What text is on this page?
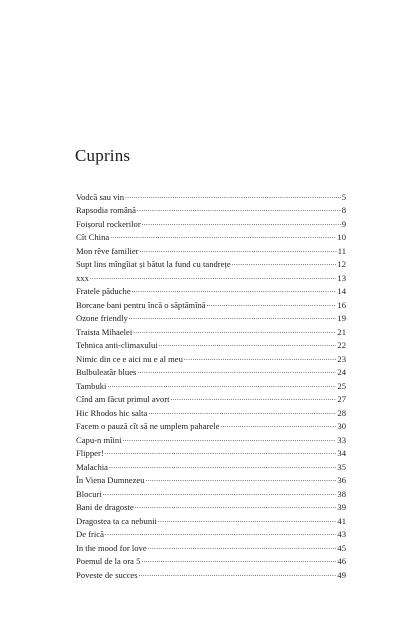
Cuprins
Vodcă sau vin .....	5
Rapsodia română .....	8
Foișorul rockerilor .....	9
Cît China .....	10
Mon rêve familier .....	11
Supt lins mîngîiat și bătut la fund cu tandrețe .....	12
xxx .....	13
Fratele păduche .....	14
Borcane bani pentru încă o săptămînă .....	16
Ozone friendly .....	19
Traista Mihaelei .....	21
Tehnica anti-climaxului .....	22
Nimic din ce e aici nu e al meu .....	23
Bulbuleatăr blues .....	24
Tambuki .....	25
Cînd am făcut primul avort .....	27
Hic Rhodos hic salta .....	28
Facem o pauză cît să ne umplem paharele .....	30
Capu-n mîini .....	33
Flipper! .....	34
Malachia .....	35
În Viena Dumnezeu .....	36
Blocuri .....	38
Bani de dragoste .....	39
Dragostea ta ca nebunii .....	41
De frică .....	43
In the mood for love .....	45
Poemul de la ora 5 .....	46
Poveste de succes .....	49
